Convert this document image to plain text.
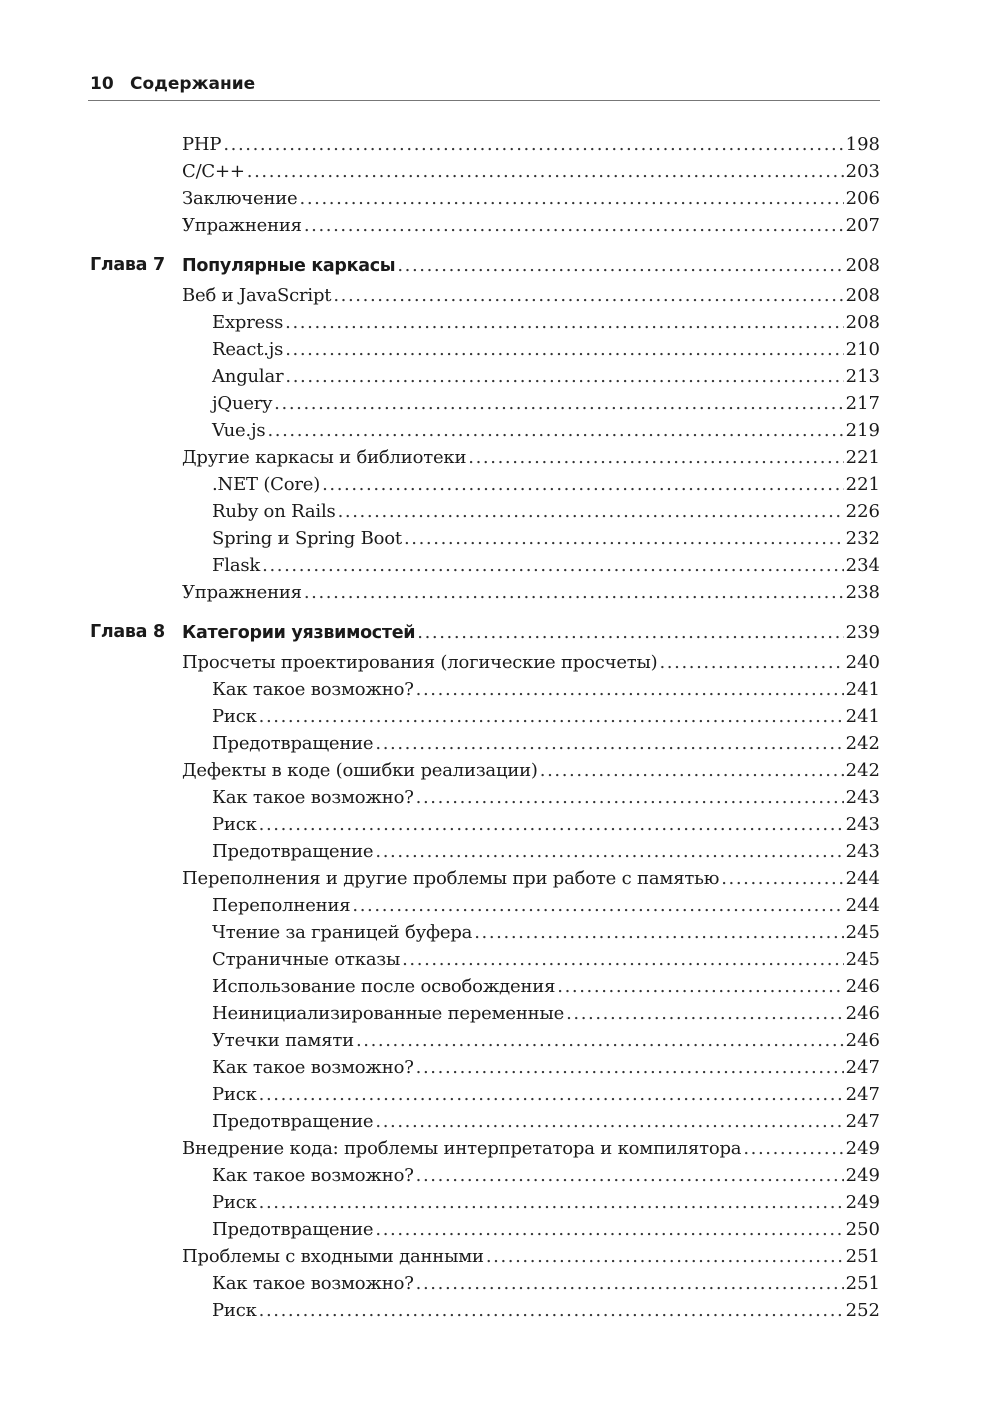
10 Содержание
PHP .....	198
C/C++ .....	203
Заключение .....	206
Упражнения .....	207
Глава 7 Популярные каркасы .....	208
Веб и JavaScript .....	208
Express .....	208
React.js .....	210
Angular .....	213
jQuery .....	217
Vue.js .....	219
Другие каркасы и библиотеки .....	221
.NET (Core) .....	221
Ruby on Rails .....	226
Spring и Spring Boot .....	232
Flask .....	234
Упражнения .....	238
Глава 8 Категории уязвимостей .....	239
Просчеты проектирования (логические просчеты) .....	240
Как такое возможно? .....	241
Риск .....	241
Предотвращение .....	242
Дефекты в коде (ошибки реализации) .....	242
Как такое возможно? .....	243
Риск .....	243
Предотвращение .....	243
Переполнения и другие проблемы при работе с памятью .....	244
Переполнения .....	244
Чтение за границей буфера .....	245
Страничные отказы .....	245
Использование после освобождения .....	246
Неинициализированные переменные .....	246
Утечки памяти .....	246
Как такое возможно? .....	247
Риск .....	247
Предотвращение .....	247
Внедрение кода: проблемы интерпретатора и компилятора .....	249
Как такое возможно? .....	249
Риск .....	249
Предотвращение .....	250
Проблемы с входными данными .....	251
Как такое возможно? .....	251
Риск .....	252
